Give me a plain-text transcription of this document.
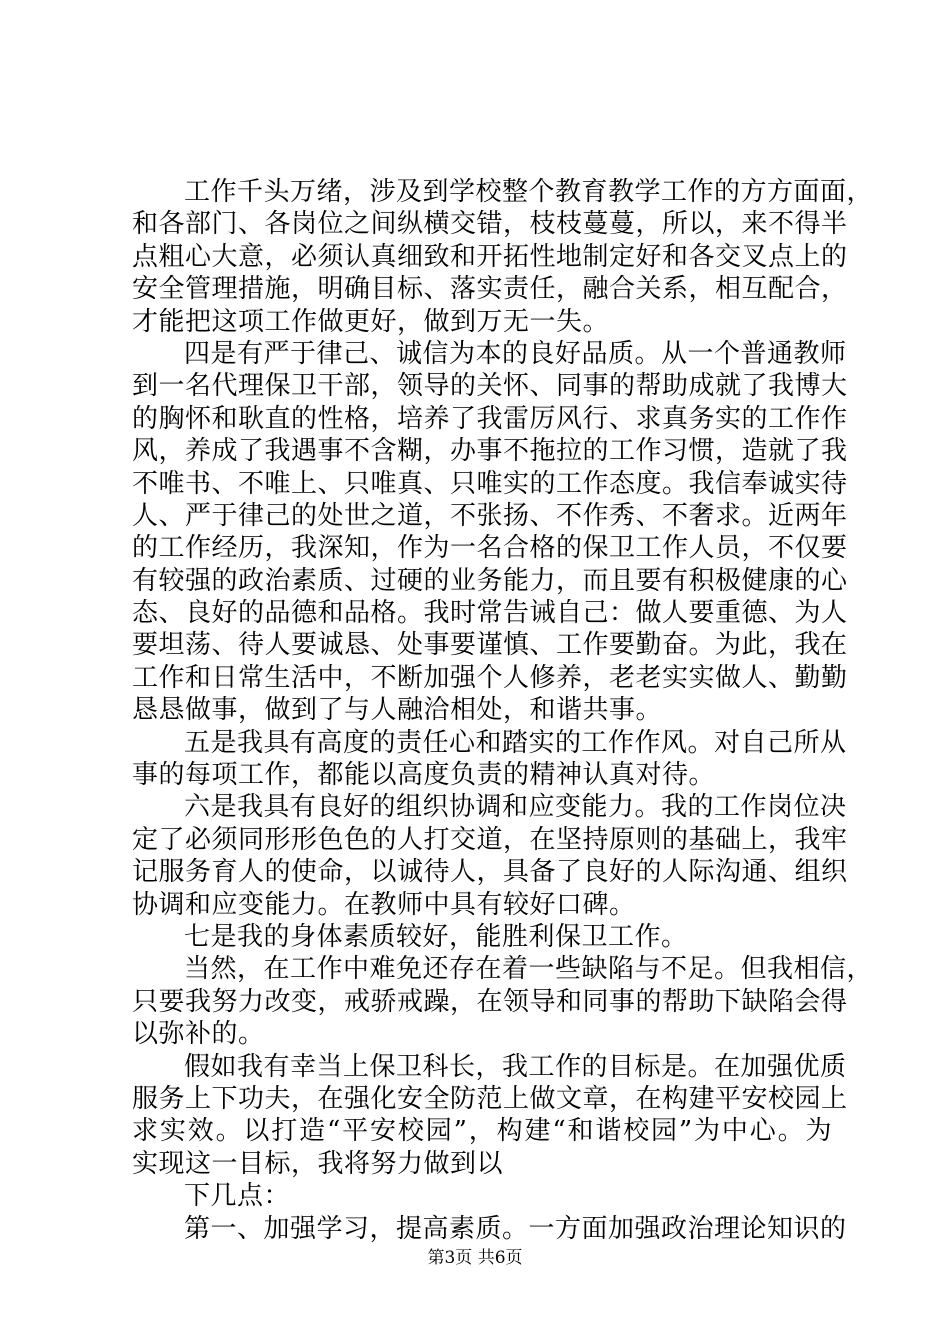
工作千头万绪，涉及到学校整个教育教学工作的方方面面，
和各部门、各岗位之间纵横交错，枝枝蔓蔓，所以，来不得半
点粗心大意，必须认真细致和开拓性地制定好和各交叉点上的
安全管理措施，明确目标、落实责任，融合关系，相互配合，
才能把这项工作做更好，做到万无一失。
四是有严于律己、诚信为本的良好品质。从一个普通教师
到一名代理保卫干部，领导的关怀、同事的帮助成就了我博大
的胸怀和耿直的性格，培养了我雷厉风行、求真务实的工作作
风，养成了我遇事不含糊，办事不拖拉的工作习惯，造就了我
不唯书、不唯上、只唯真、只唯实的工作态度。我信奉诚实待
人、严于律己的处世之道，不张扬、不作秀、不奢求。近两年
的工作经历，我深知，作为一名合格的保卫工作人员，不仅要
有较强的政治素质、过硬的业务能力，而且要有积极健康的心
态、良好的品德和品格。我时常告诫自己：做人要重德、为人
要坦荡、待人要诚恳、处事要谨慎、工作要勤奋。为此，我在
工作和日常生活中，不断加强个人修养，老老实实做人、勤勤
恳恳做事，做到了与人融洽相处，和谐共事。
五是我具有高度的责任心和踏实的工作作风。对自己所从
事的每项工作，都能以高度负责的精神认真对待。
六是我具有良好的组织协调和应变能力。我的工作岗位决
定了必须同形形色色的人打交道，在坚持原则的基础上，我牢
记服务育人的使命，以诚待人，具备了良好的人际沟通、组织
协调和应变能力。在教师中具有较好口碑。
七是我的身体素质较好，能胜利保卫工作。
当然，在工作中难免还存在着一些缺陷与不足。但我相信，
只要我努力改变，戒骄戒躁，在领导和同事的帮助下缺陷会得
以弥补的。
假如我有幸当上保卫科长，我工作的目标是。在加强优质
服务上下功夫，在强化安全防范上做文章，在构建平安校园上
求实效。以打造“平安校园”，构建“和谐校园”为中心。为
实现这一目标，我将努力做到以
下几点：
第一、加强学习，提高素质。一方面加强政治理论知识的
第3页 共6页
